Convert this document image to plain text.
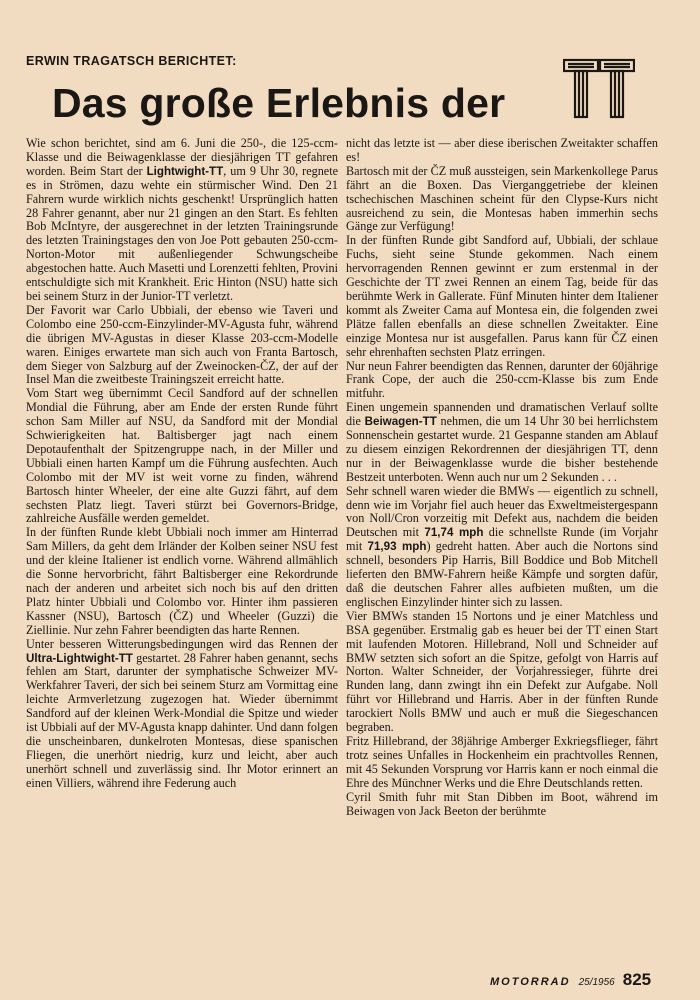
ERWIN TRAGATSCH BERICHTET:
Das große Erlebnis der

Wie schon berichtet, sind am 6. Juni die 250-, die 125-ccm-Klasse und die Beiwagenklasse der diesjährigen TT gefahren worden. Beim Start der Lightwight-TT, um 9 Uhr 30, regnete es in Strömen, dazu wehte ein stürmischer Wind. Den 21 Fahrern wurde wirklich nichts geschenkt! Ursprünglich hatten 28 Fahrer genannt, aber nur 21 gingen an den Start. Es fehlten Bob McIntyre, der ausgerechnet in der letzten Trainingsrunde des letzten Trainingstages den von Joe Pott gebauten 250-ccm-Norton-Motor mit außenliegender Schwungscheibe abgestochen hatte. Auch Masetti und Lorenzetti fehlten, Provini entschuldigte sich mit Krankheit. Eric Hinton (NSU) hatte sich bei seinem Sturz in der Junior-TT verletzt.

Der Favorit war Carlo Ubbiali, der ebenso wie Taveri und Colombo eine 250-ccm-Einzylinder-MV-Agusta fuhr, während die übrigen MV-Agustas in dieser Klasse 203-ccm-Modelle waren. Einiges erwartete man sich auch von Franta Bartosch, dem Sieger von Salzburg auf der Zweinocken-ČZ, der auf der Insel Man die zweitbeste Trainingszeit erreicht hatte.

Vom Start weg übernimmt Cecil Sandford auf der schnellen Mondial die Führung, aber am Ende der ersten Runde führt schon Sam Miller auf NSU, da Sandford mit der Mondial Schwierigkeiten hat. Baltisberger jagt nach einem Depotaufenthalt der Spitzengruppe nach, in der Miller und Ubbiali einen harten Kampf um die Führung ausfechten. Auch Colombo mit der MV ist weit vorne zu finden, während Bartosch hinter Wheeler, der eine alte Guzzi fährt, auf dem sechsten Platz liegt. Taveri stürzt bei Governors-Bridge, zahlreiche Ausfälle werden gemeldet.

In der fünften Runde klebt Ubbiali noch immer am Hinterrad Sam Millers, da geht dem Irländer der Kolben seiner NSU fest und der kleine Italiener ist endlich vorne. Während allmählich die Sonne hervorbricht, fährt Baltisberger eine Rekordrunde nach der anderen und arbeitet sich noch bis auf den dritten Platz hinter Ubbiali und Colombo vor. Hinter ihm passieren Kassner (NSU), Bartosch (ČZ) und Wheeler (Guzzi) die Ziellinie. Nur zehn Fahrer beendigten das harte Rennen.

Unter besseren Witterungsbedingungen wird das Rennen der Ultra-Lightwight-TT gestartet. 28 Fahrer haben genannt, sechs fehlen am Start, darunter der symphatische Schweizer MV-Werkfahrer Taveri, der sich bei seinem Sturz am Vormittag eine leichte Armverletzung zugezogen hat. Wieder übernimmt Sandford auf der kleinen Werk-Mondial die Spitze und wieder ist Ubbiali auf der MV-Agusta knapp dahinter. Und dann folgen die unscheinbaren, dunkelroten Montesas, diese spanischen Fliegen, die unerhört niedrig, kurz und leicht, aber auch unerhört schnell und zuverlässig sind. Ihr Motor erinnert an einen Villiers, während ihre Federung auch

nicht das letzte ist — aber diese iberischen Zweitakter schaffen es!

Bartosch mit der ČZ muß aussteigen, sein Markenkollege Parus fährt an die Boxen. Das Vierganggetriebe der kleinen tschechischen Maschinen scheint für den Clypse-Kurs nicht ausreichend zu sein, die Montesas haben immerhin sechs Gänge zur Verfügung!

In der fünften Runde gibt Sandford auf, Ubbiali, der schlaue Fuchs, sieht seine Stunde gekommen. Nach einem hervorragenden Rennen gewinnt er zum erstenmal in der Geschichte der TT zwei Rennen an einem Tag, beide für das berühmte Werk in Gallerate. Fünf Minuten hinter dem Italiener kommt als Zweiter Cama auf Montesa ein, die folgenden zwei Plätze fallen ebenfalls an diese schnellen Zweitakter. Eine einzige Montesa nur ist ausgefallen. Parus kann für ČZ einen sehr ehrenhaften sechsten Platz erringen.

Nur neun Fahrer beendigten das Rennen, darunter der 60jährige Frank Cope, der auch die 250-ccm-Klasse bis zum Ende mitfuhr.

Einen ungemein spannenden und dramatischen Verlauf sollte die Beiwagen-TT nehmen, die um 14 Uhr 30 bei herrlichstem Sonnenschein gestartet wurde. 21 Gespanne standen am Ablauf zu diesem einzigen Rekordrennen der diesjährigen TT, denn nur in der Beiwagenklasse wurde die bisher bestehende Bestzeit unterboten. Wenn auch nur um 2 Sekunden . . .

Sehr schnell waren wieder die BMWs — eigentlich zu schnell, denn wie im Vorjahr fiel auch heuer das Exweltmeistergespann von Noll/Cron vorzeitig mit Defekt aus, nachdem die beiden Deutschen mit 71,74 mph die schnellste Runde (im Vorjahr mit 71,93 mph) gedreht hatten. Aber auch die Nortons sind schnell, besonders Pip Harris, Bill Boddice und Bob Mitchell lieferten den BMW-Fahrern heiße Kämpfe und sorgten dafür, daß die deutschen Fahrer alles aufbieten mußten, um die englischen Einzylinder hinter sich zu lassen.

Vier BMWs standen 15 Nortons und je einer Matchless und BSA gegenüber. Erstmalig gab es heuer bei der TT einen Start mit laufenden Motoren. Hillebrand, Noll und Schneider auf BMW setzten sich sofort an die Spitze, gefolgt von Harris auf Norton. Walter Schneider, der Vorjahressieger, führte drei Runden lang, dann zwingt ihn ein Defekt zur Aufgabe. Noll führt vor Hillebrand und Harris. Aber in der fünften Runde tarockiert Nolls BMW und auch er muß die Siegeschancen begraben.

Fritz Hillebrand, der 38jährige Amberger Exkriegsflieger, fährt trotz seines Unfalles in Hockenheim ein prachtvolles Rennen, mit 45 Sekunden Vorsprung vor Harris kann er noch einmal die Ehre des Münchner Werks und die Ehre Deutschlands retten.

Cyril Smith fuhr mit Stan Dibben im Boot, während im Beiwagen von Jack Beeton der berühmte

MOTORRAD 25/1956 825
